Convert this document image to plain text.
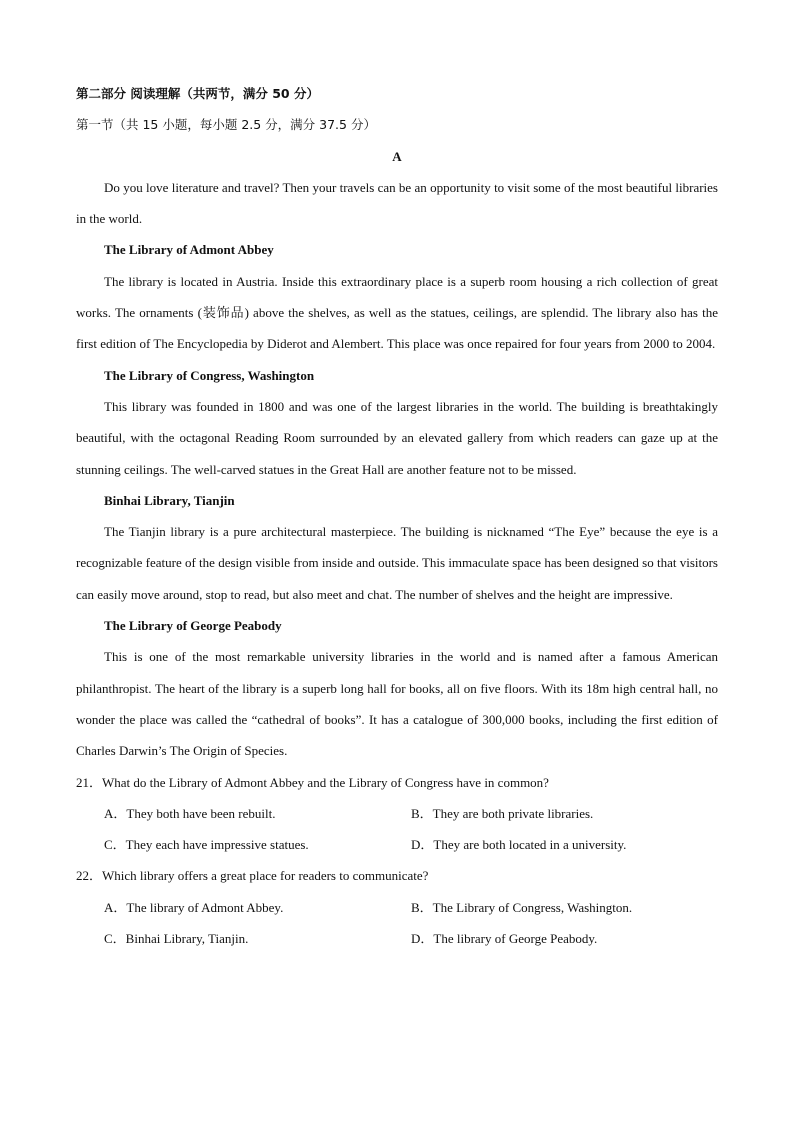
第二部分 阅读理解（共两节，满分 50 分）

第一节（共 15 小题，每小题 2.5 分，满分 37.5 分）

A

Do you love literature and travel? Then your travels can be an opportunity to visit some of the most beautiful libraries in the world.

The Library of Admont Abbey

The library is located in Austria. Inside this extraordinary place is a superb room housing a rich collection of great works. The ornaments (装饰品) above the shelves, as well as the statues, ceilings, are splendid. The library also has the first edition of The Encyclopedia by Diderot and Alembert. This place was once repaired for four years from 2000 to 2004.

The Library of Congress, Washington

This library was founded in 1800 and was one of the largest libraries in the world. The building is breathtakingly beautiful, with the octagonal Reading Room surrounded by an elevated gallery from which readers can gaze up at the stunning ceilings. The well-carved statues in the Great Hall are another feature not to be missed.

Binhai Library, Tianjin

The Tianjin library is a pure architectural masterpiece. The building is nicknamed “The Eye” because the eye is a recognizable feature of the design visible from inside and outside. This immaculate space has been designed so that visitors can easily move around, stop to read, but also meet and chat. The number of shelves and the height are impressive.

The Library of George Peabody

This is one of the most remarkable university libraries in the world and is named after a famous American philanthropist. The heart of the library is a superb long hall for books, all on five floors. With its 18m high central hall, no wonder the place was called the “cathedral of books”. It has a catalogue of 300,000 books, including the first edition of Charles Darwin’s The Origin of Species.

21．What do the Library of Admont Abbey and the Library of Congress have in common?

A．They both have been rebuilt.	B．They are both private libraries.
C．They each have impressive statues.	D．They are both located in a university.

22．Which library offers a great place for readers to communicate?

A．The library of Admont Abbey.	B．The Library of Congress, Washington.
C．Binhai Library, Tianjin.	D．The library of George Peabody.
